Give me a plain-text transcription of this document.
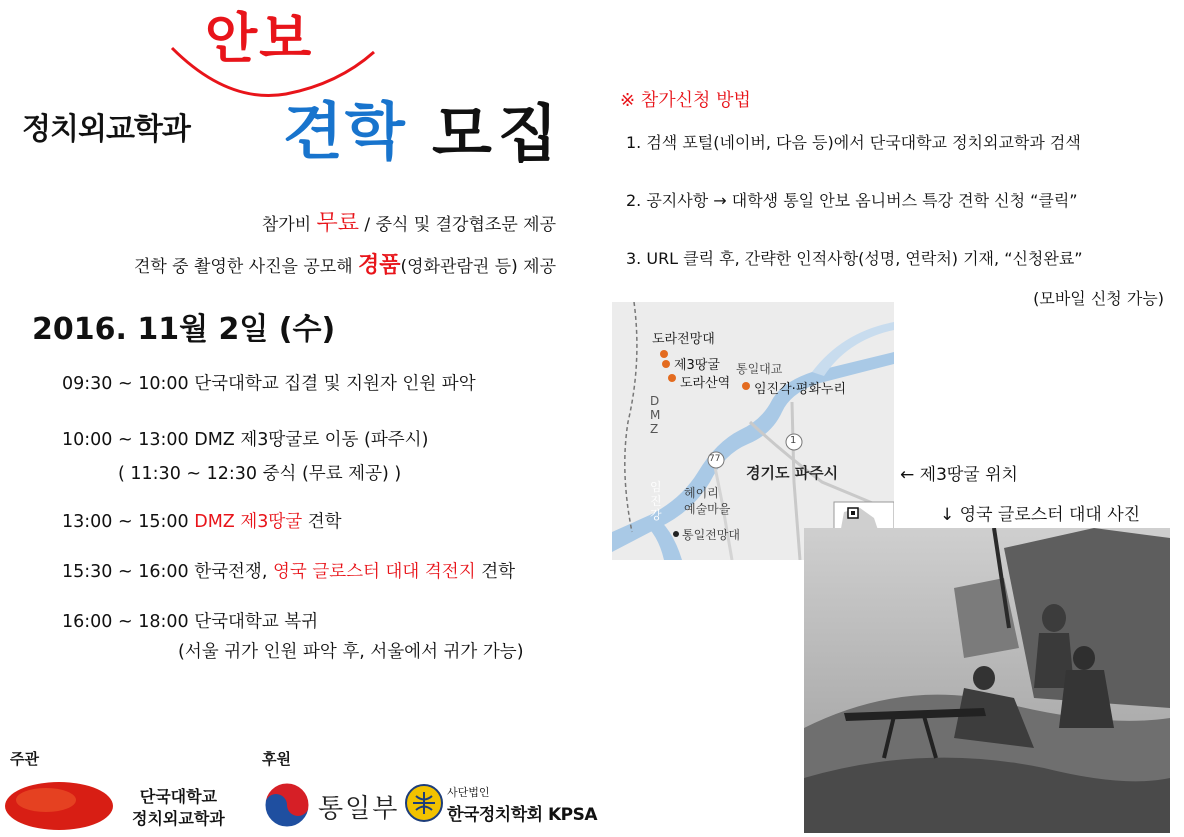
안보
정치외교학과 견학 모집
참가비 무료 / 중식 및 결강협조문 제공
견학 중 촬영한 사진을 공모해 경품(영화관람권 등) 제공
2016. 11월 2일 (수)
09:30 ~ 10:00 단국대학교 집결 및 지원자 인원 파악
10:00 ~ 13:00 DMZ 제3땅굴로 이동 (파주시)
( 11:30 ~ 12:30 중식 (무료 제공) )
13:00 ~ 15:00 DMZ 제3땅굴 견학
15:30 ~ 16:00 한국전쟁, 영국 글로스터 대대 격전지 견학
16:00 ~ 18:00 단국대학교 복귀
(서울 귀가 인원 파악 후, 서울에서 귀가 가능)
※ 참가신청 방법
1. 검색 포털(네이버, 다음 등)에서 단국대학교 정치외교학과 검색
2. 공지사항 → 대학생 통일 안보 옴니버스 특강 견학 신청 “클릭”
3. URL 클릭 후, 간략한 인적사항(성명, 연락처) 기재, “신청완료”
(모바일 신청 가능)
도라전망대
제3땅굴
도라산역
통일대교
임진각·평화누리
DMZ
1
77
경기도 파주시
헤이리
예술마을
임진강
통일전망대
← 제3땅굴 위치
↓ 영국 글로스터 대대 사진
주관	후원
단국대학교
정치외교학과	통일부
사단법인
한국정치학회 KPSA
